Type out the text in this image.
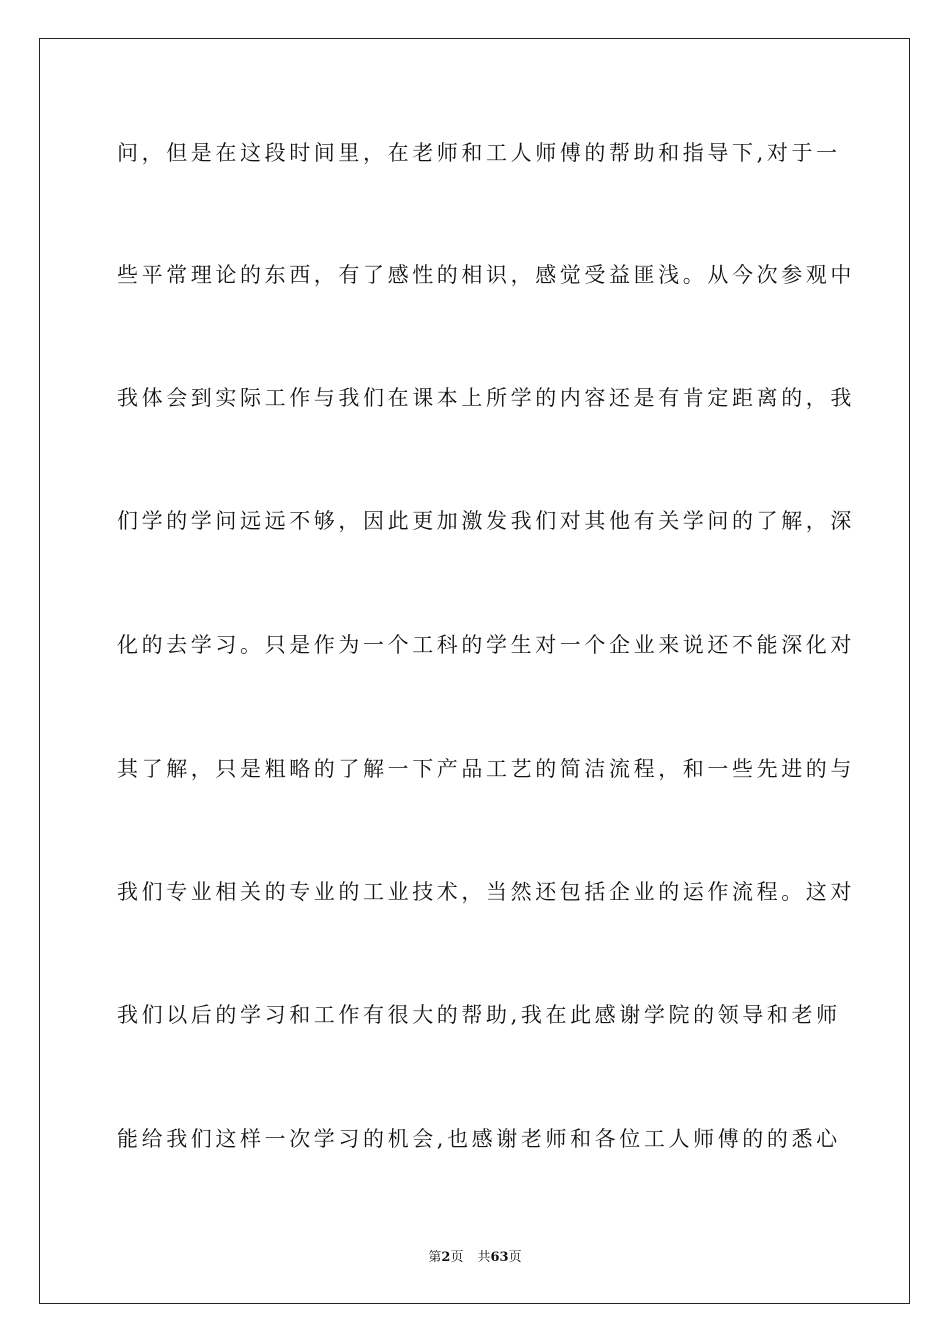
问，但是在这段时间里，在老师和工人师傅的帮助和指导下,对于一
些平常理论的东西，有了感性的相识，感觉受益匪浅。从今次参观中
我体会到实际工作与我们在课本上所学的内容还是有肯定距离的，我
们学的学问远远不够，因此更加激发我们对其他有关学问的了解，深
化的去学习。只是作为一个工科的学生对一个企业来说还不能深化对
其了解，只是粗略的了解一下产品工艺的简洁流程，和一些先进的与
我们专业相关的专业的工业技术，当然还包括企业的运作流程。这对
我们以后的学习和工作有很大的帮助,我在此感谢学院的领导和老师
能给我们这样一次学习的机会,也感谢老师和各位工人师傅的的悉心
第2页 共63页
